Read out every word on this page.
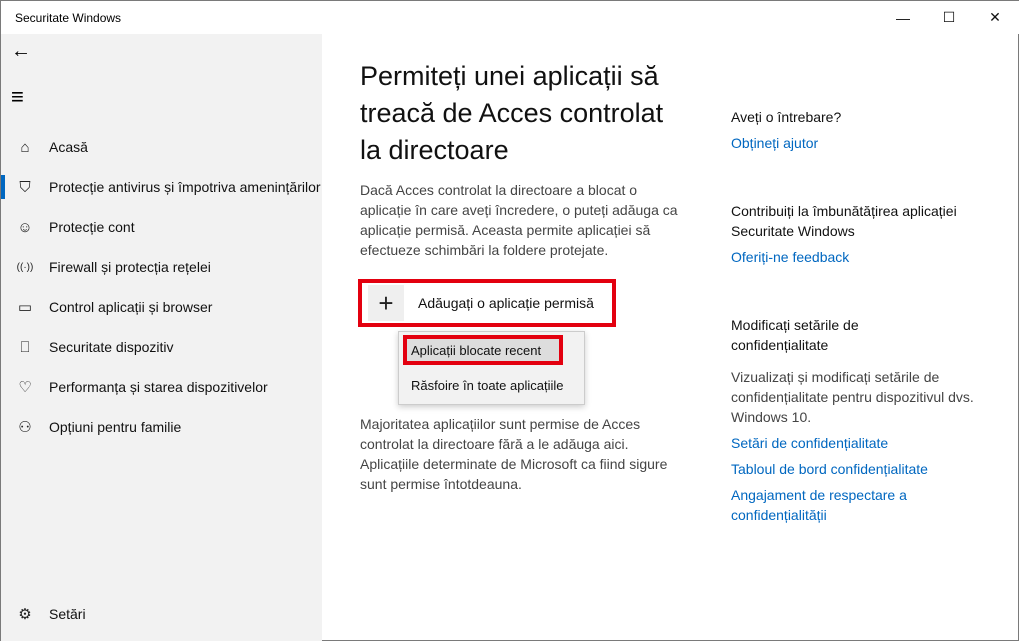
Securitate Windows	—	☐	✕
←
≡
⌂	Acasă
⛉	Protecție antivirus și împotriva amenințărilor
☺	Protecție cont
((·))	Firewall și protecția rețelei
▭	Control aplicații și browser
⎕	Securitate dispozitiv
♡	Performanța și starea dispozitivelor
⚇	Opțiuni pentru familie
⚙	Setări
Permiteți unei aplicații să treacă de Acces controlat la directoare
Dacă Acces controlat la directoare a blocat o aplicație în care aveți încredere, o puteți adăuga ca aplicație permisă. Aceasta permite aplicației să efectueze schimbări la foldere protejate.
+	Adăugați o aplicație permisă
Aplicații blocate recent
Răsfoire în toate aplicațiile
Majoritatea aplicațiilor sunt permise de Acces controlat la directoare fără a le adăuga aici. Aplicațiile determinate de Microsoft ca fiind sigure sunt permise întotdeauna.
Aveți o întrebare?
Obțineți ajutor
Contribuiți la îmbunătățirea aplicației Securitate Windows
Oferiți-ne feedback
Modificați setările de confidențialitate
Vizualizați și modificați setările de confidențialitate pentru dispozitivul dvs. Windows 10.
Setări de confidențialitate
Tabloul de bord confidențialitate
Angajament de respectare a confidențialității
